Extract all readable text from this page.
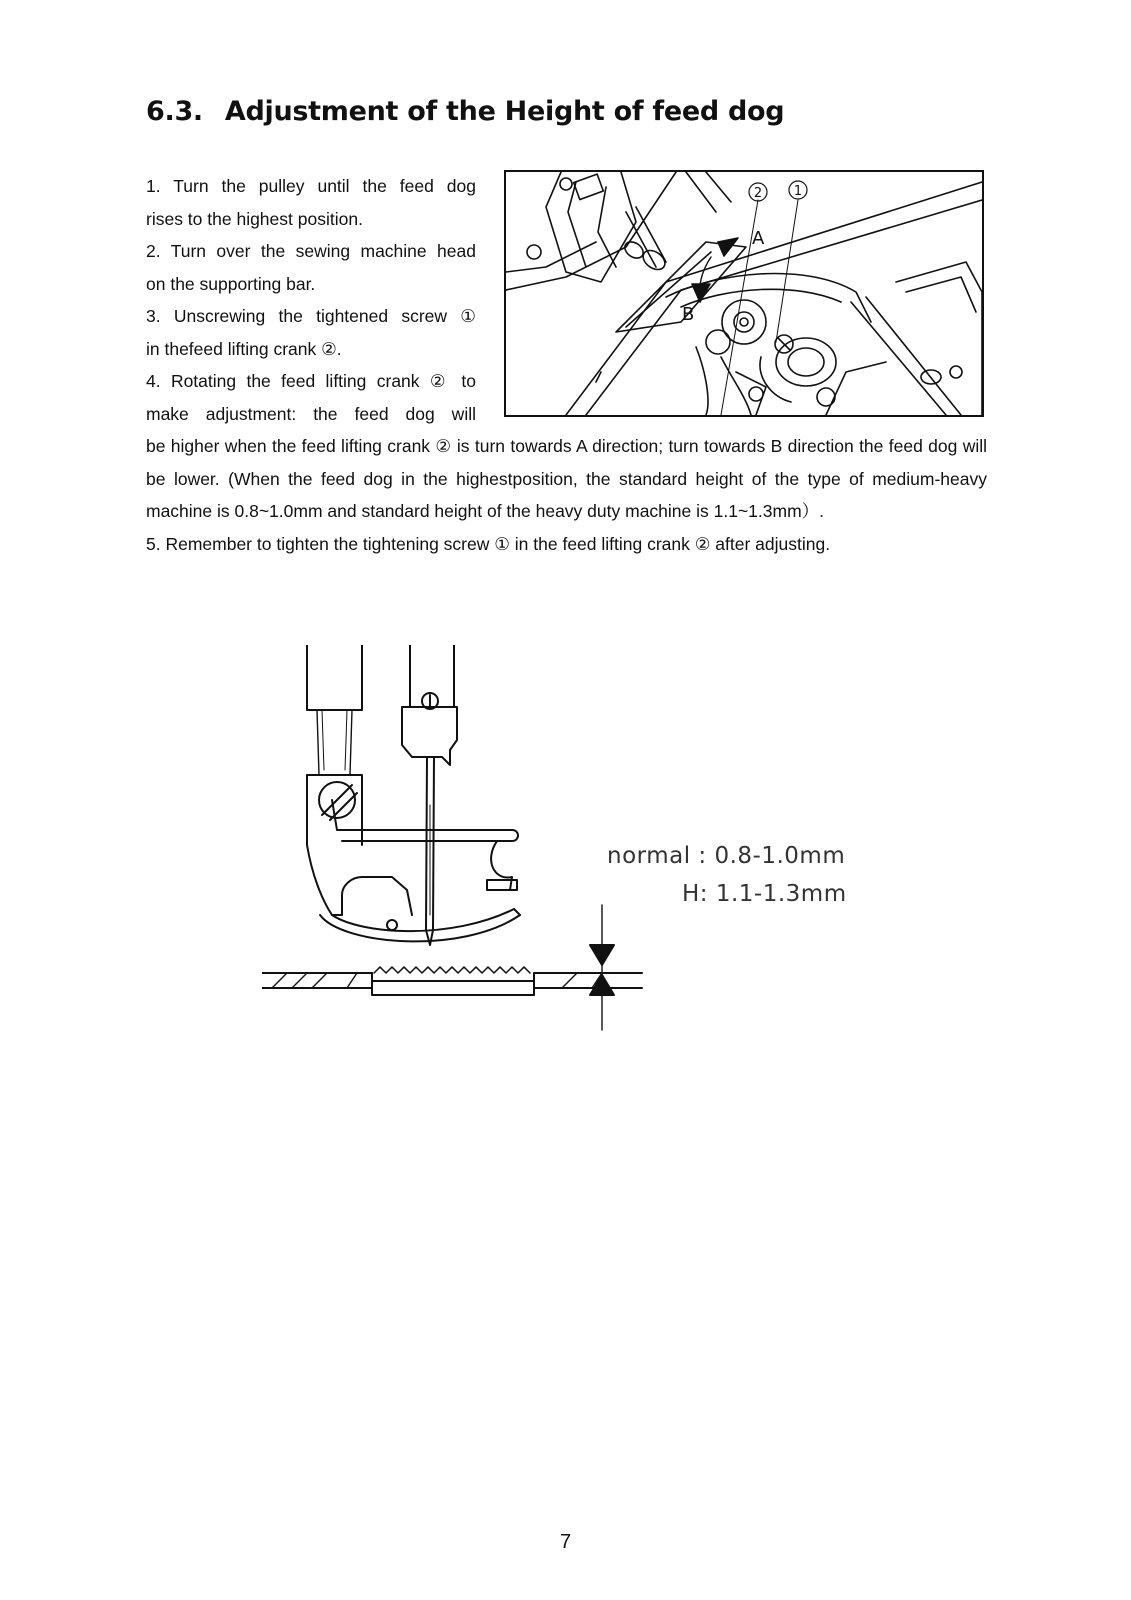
6.3. Adjustment of the Height of feed dog

1. Turn the pulley until the feed dog

rises to the highest position.

2. Turn over the sewing machine head

on the supporting bar.

3. Unscrewing the tightened screw ①

in thefeed lifting crank ②.

4. Rotating the feed lifting crank ② to

make adjustment: the feed dog will

2 1
A
B

be higher when the feed lifting crank ② is turn towards A direction; turn towards B direction the feed dog will be lower. (When the feed dog in the highestposition, the standard height of the type of medium-heavy machine is 0.8~1.0mm and standard height of the heavy duty machine is 1.1~1.3mm）.

5. Remember to tighten the tightening screw ① in the feed lifting crank ② after adjusting.

normal : 0.8-1.0mm
H: 1.1-1.3mm
7
